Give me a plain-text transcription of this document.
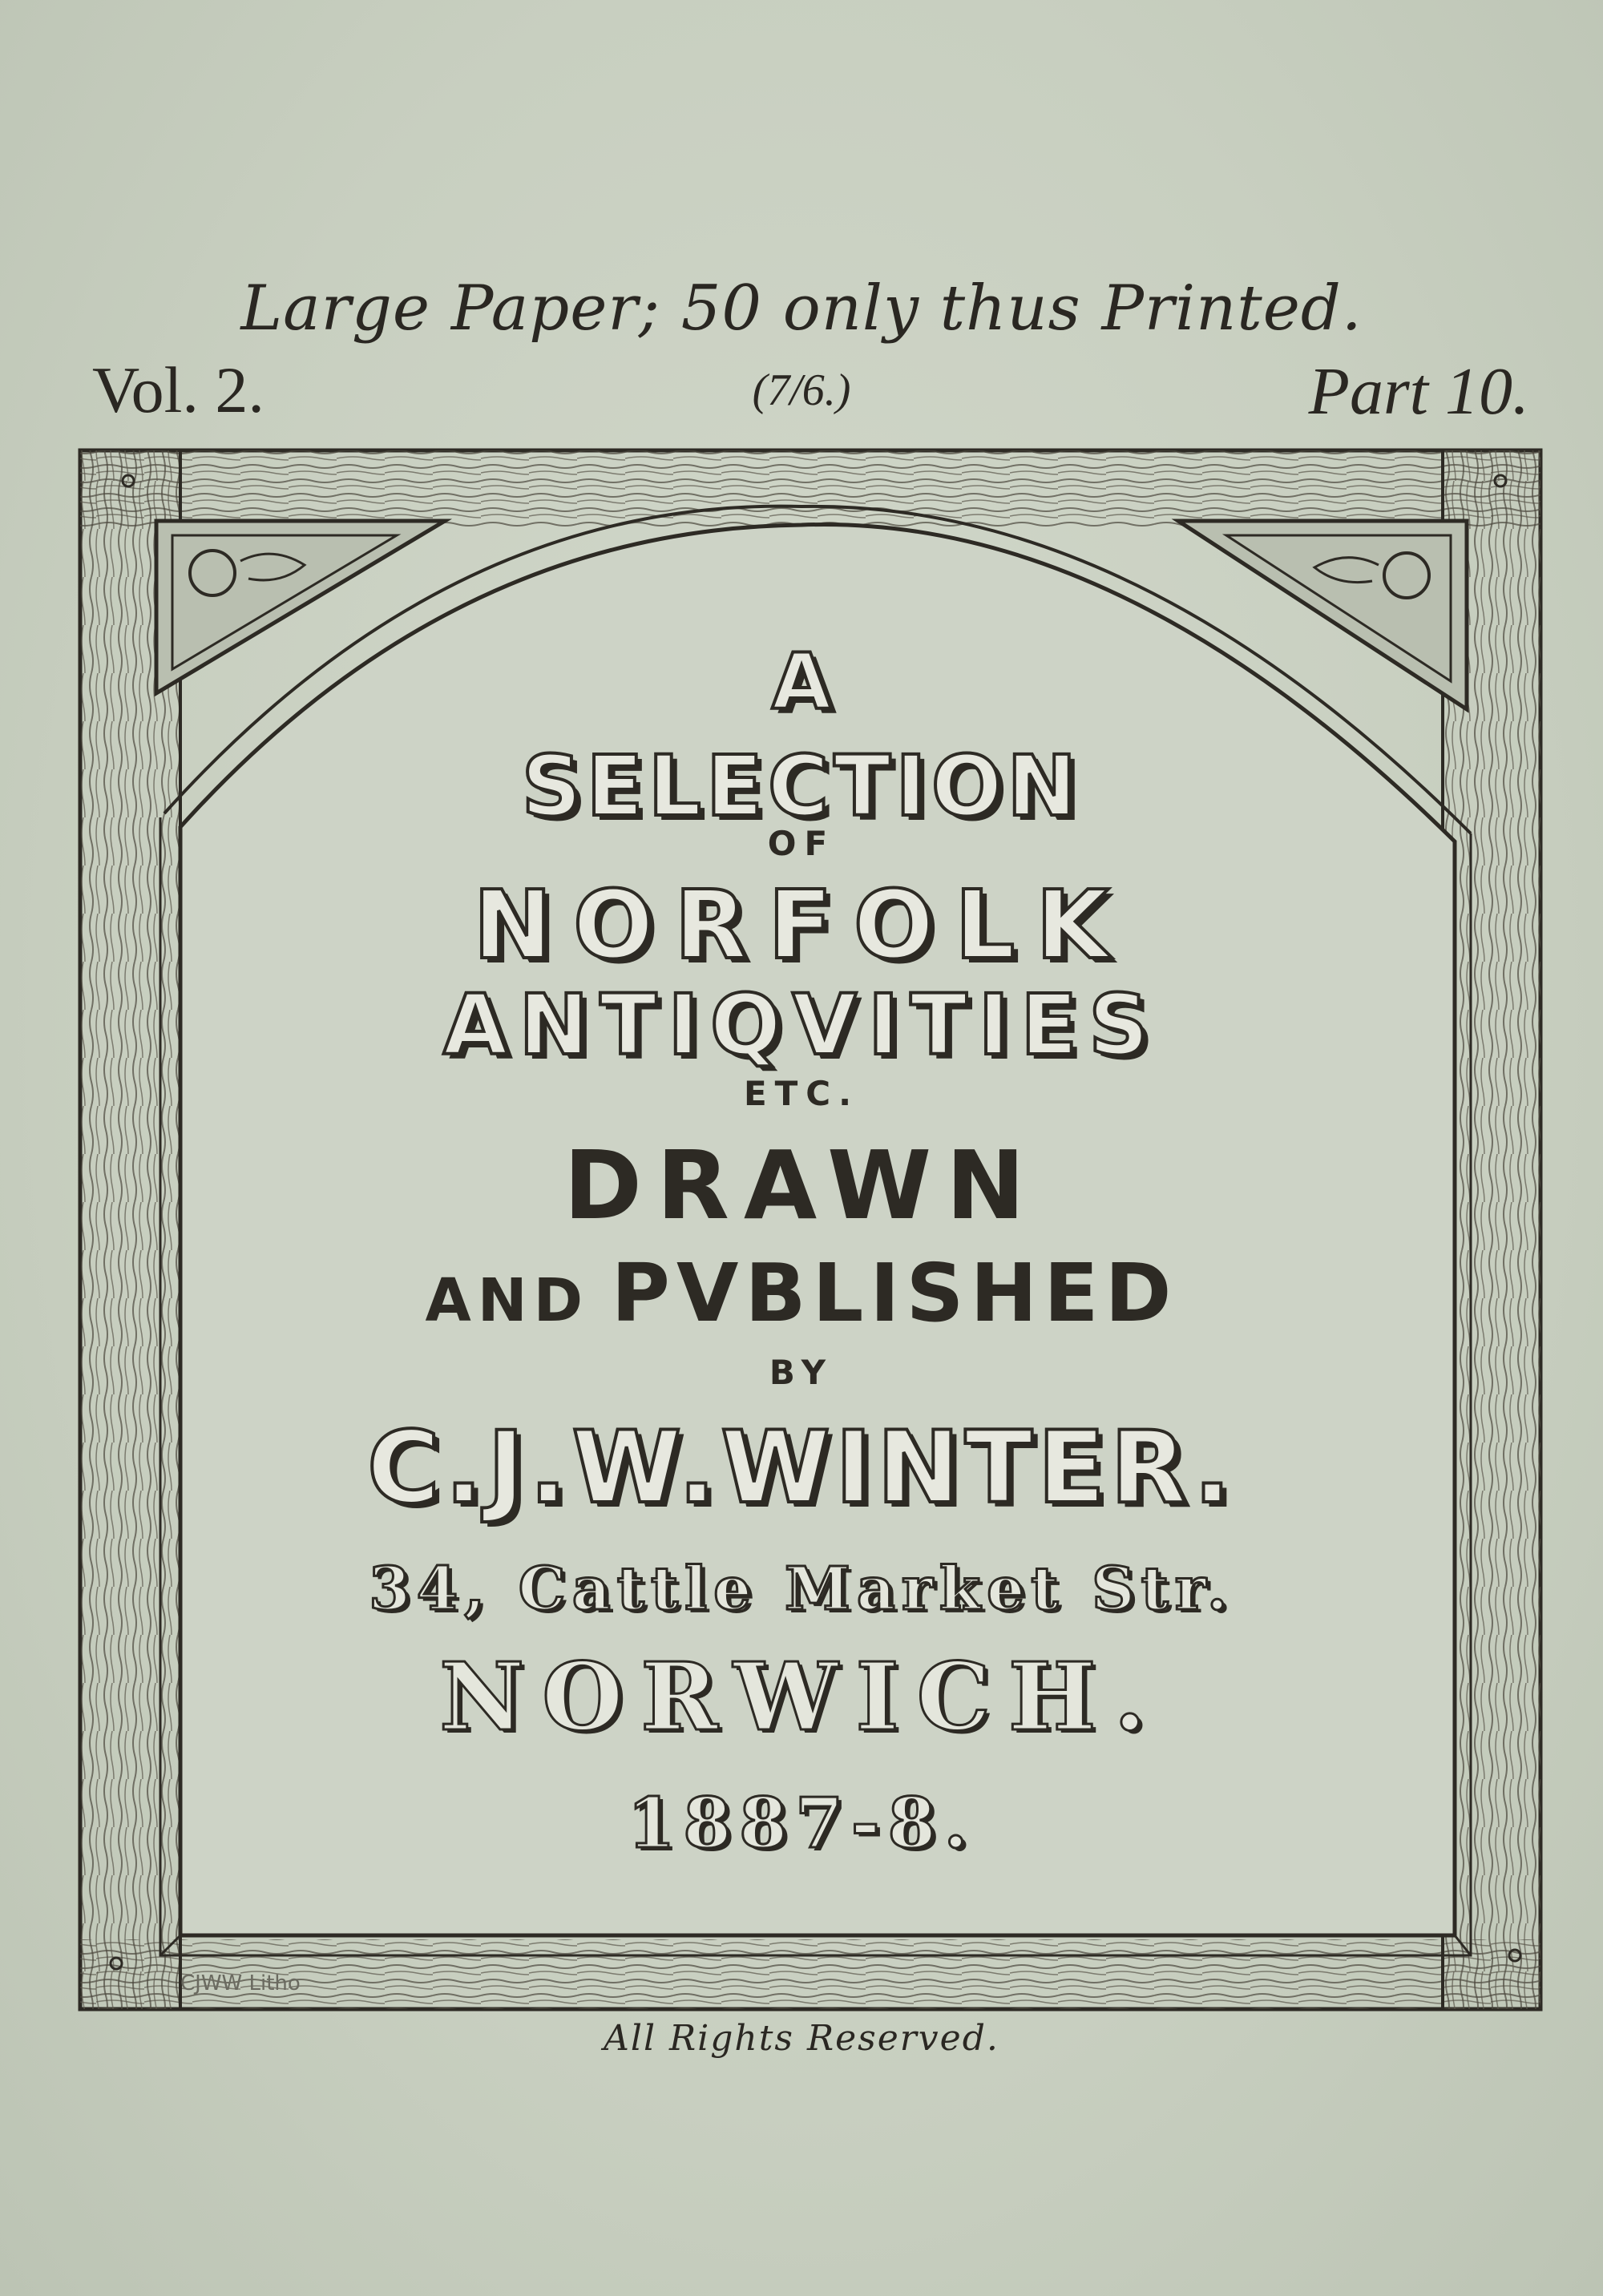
Large Paper; 50 only thus Printed.
Vol. 2.	(7/6.)	Part 10.
CJWW Litho
A
SELECTION
OF
NORFOLK
ANTIQVITIES
ETC.
DRAWN
AND PVBLISHED
BY
C.J.W.WINTER.
34, Cattle Market Str.
NORWICH.
1887-8.
All Rights Reserved.
